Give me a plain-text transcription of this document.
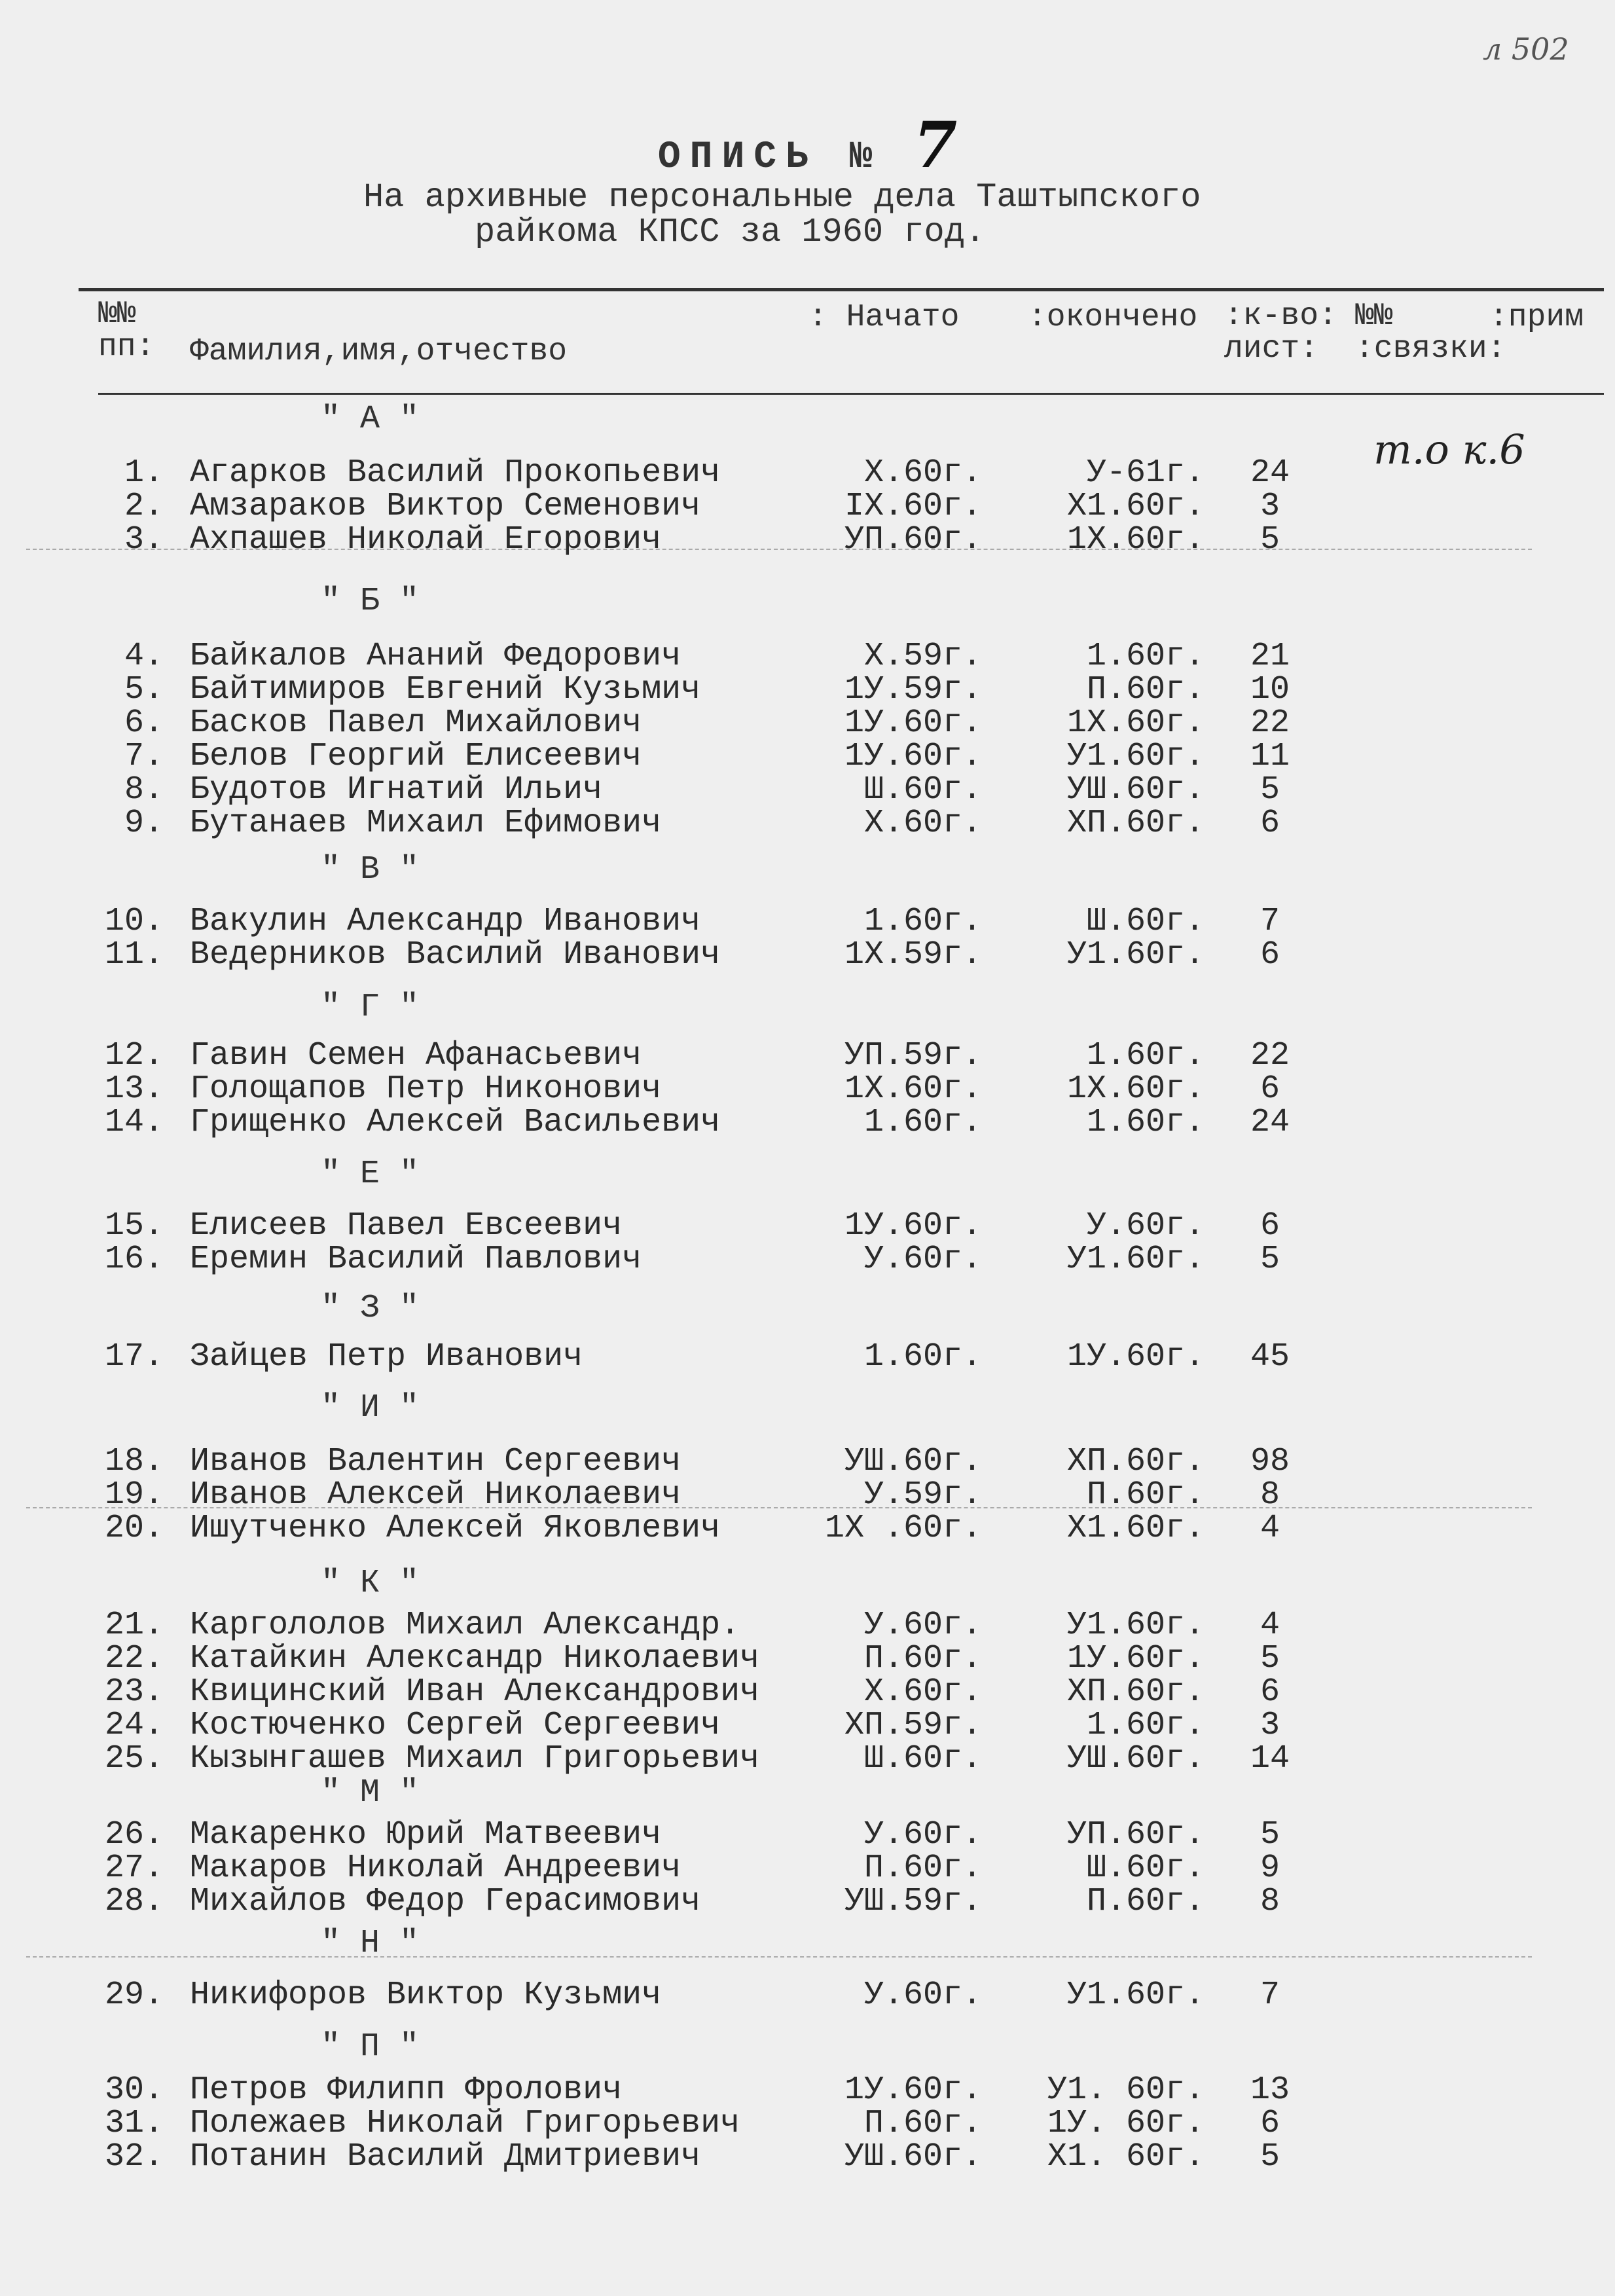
л 502
ОПИСЬ № 7
На архивные персональные дела Таштыпского
райкома КПСС за 1960 год.
№№ пп:	Фамилия,имя,отчество
: Начато :окончено :к-во: лист:
№№ :связки:
:прим
т.о к.6
" А "
1. Агарков Василий Прокопьевич	Х.60г.	У-61г.	24
2. Амзараков Виктор Семенович	IХ.60г.	Х1.60г.	3
3. Ахпашев Николай Егорович	УП.60г.	1Х.60г.	5
" Б "
4. Байкалов Ананий Федорович	Х.59г.	1.60г.	21
5. Байтимиров Евгений Кузьмич	1У.59г.	П.60г.	10
6. Басков Павел Михайлович	1У.60г.	1Х.60г.	22
7. Белов Георгий Елисеевич	1У.60г.	У1.60г.	11
8. Будотов Игнатий Ильич	Ш.60г.	УШ.60г.	5
9. Бутанаев Михаил Ефимович	Х.60г.	ХП.60г.	6
" В "
10. Вакулин Александр Иванович	1.60г.	Ш.60г.	7
11. Ведерников Василий Иванович	1Х.59г.	У1.60г.	6
" Г "
12. Гавин Семен Афанасьевич	УП.59г.	1.60г.	22
13. Голощапов Петр Никонович	1Х.60г.	1Х.60г.	6
14. Грищенко Алексей Васильевич	1.60г.	1.60г.	24
" Е "
15. Елисеев Павел Евсеевич	1У.60г.	У.60г.	6
16. Еремин Василий Павлович	У.60г.	У1.60г.	5
" З "
17. Зайцев Петр Иванович	1.60г.	1У.60г.	45
" И "
18. Иванов Валентин Сергеевич	УШ.60г.	ХП.60г.	98
19. Иванов Алексей Николаевич	У.59г.	П.60г.	8
20. Ишутченко Алексей Яковлевич	1Х .60г.	Х1.60г.	4
" К "
21. Каргололов Михаил Александр.	У.60г.	У1.60г.	4
22. Катайкин Александр Николаевич	П.60г.	1У.60г.	5
23. Квицинский Иван Александрович	Х.60г.	ХП.60г.	6
24. Костюченко Сергей Сергеевич	ХП.59г.	1.60г.	3
25. Кызынгашев Михаил Григорьевич	Ш.60г.	УШ.60г.	14
" М "
26. Макаренко Юрий Матвеевич	У.60г.	УП.60г.	5
27. Макаров Николай Андреевич	П.60г.	Ш.60г.	9
28. Михайлов Федор Герасимович	УШ.59г.	П.60г.	8
" Н "
29. Никифоров Виктор Кузьмич	У.60г.	У1.60г.	7
" П "
30. Петров Филипп Фролович	1У.60г.	У1. 60г.	13
31. Полежаев Николай Григорьевич	П.60г.	1У. 60г.	6
32. Потанин Василий Дмитриевич	УШ.60г.	Х1. 60г.	5
